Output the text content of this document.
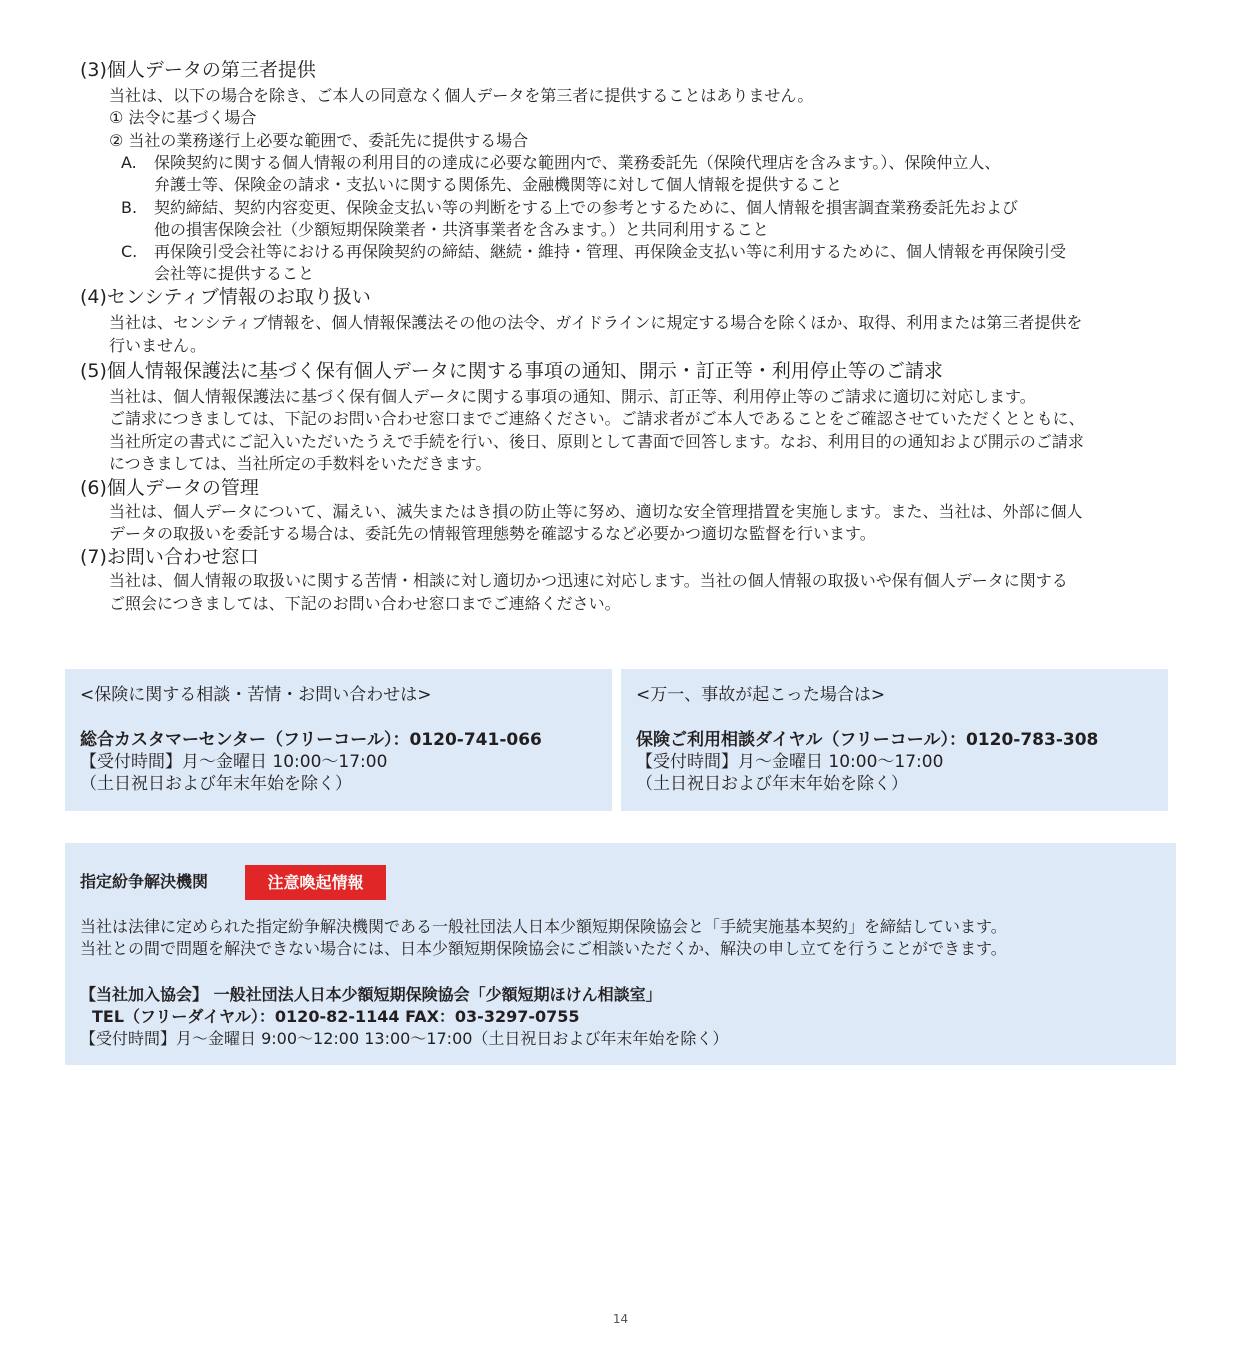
(3)個人データの第三者提供
当社は、以下の場合を除き、ご本人の同意なく個人データを第三者に提供することはありません。
① 法令に基づく場合
② 当社の業務遂行上必要な範囲で、委託先に提供する場合
A. 保険契約に関する個人情報の利用目的の達成に必要な範囲内で、業務委託先（保険代理店を含みます。）、保険仲立人、
弁護士等、保険金の請求・支払いに関する関係先、金融機関等に対して個人情報を提供すること
B. 契約締結、契約内容変更、保険金支払い等の判断をする上での参考とするために、個人情報を損害調査業務委託先および
他の損害保険会社（少額短期保険業者・共済事業者を含みます。）と共同利用すること
C. 再保険引受会社等における再保険契約の締結、継続・維持・管理、再保険金支払い等に利用するために、個人情報を再保険引受
会社等に提供すること
(4)センシティブ情報のお取り扱い
当社は、センシティブ情報を、個人情報保護法その他の法令、ガイドラインに規定する場合を除くほか、取得、利用または第三者提供を
行いません。
(5)個人情報保護法に基づく保有個人データに関する事項の通知、開示・訂正等・利用停止等のご請求
当社は、個人情報保護法に基づく保有個人データに関する事項の通知、開示、訂正等、利用停止等のご請求に適切に対応します。
ご請求につきましては、下記のお問い合わせ窓口までご連絡ください。ご請求者がご本人であることをご確認させていただくとともに、
当社所定の書式にご記入いただいたうえで手続を行い、後日、原則として書面で回答します。なお、利用目的の通知および開示のご請求
につきましては、当社所定の手数料をいただきます。
(6)個人データの管理
当社は、個人データについて、漏えい、滅失またはき損の防止等に努め、適切な安全管理措置を実施します。また、当社は、外部に個人
データの取扱いを委託する場合は、委託先の情報管理態勢を確認するなど必要かつ適切な監督を行います。
(7)お問い合わせ窓口
当社は、個人情報の取扱いに関する苦情・相談に対し適切かつ迅速に対応します。当社の個人情報の取扱いや保有個人データに関する
ご照会につきましては、下記のお問い合わせ窓口までご連絡ください。
<保険に関する相談・苦情・お問い合わせは>
総合カスタマーセンター（フリーコール）：0120-741-066
【受付時間】月～金曜日 10:00～17:00
（土日祝日および年末年始を除く）
<万一、事故が起こった場合は>
保険ご利用相談ダイヤル（フリーコール）：0120-783-308
【受付時間】月～金曜日 10:00～17:00
（土日祝日および年末年始を除く）
指定紛争解決機関	注意喚起情報
当社は法律に定められた指定紛争解決機関である一般社団法人日本少額短期保険協会と「手続実施基本契約」を締結しています。
当社との間で問題を解決できない場合には、日本少額短期保険協会にご相談いただくか、解決の申し立てを行うことができます。
【当社加入協会】 一般社団法人日本少額短期保険協会「少額短期ほけん相談室」
TEL（フリーダイヤル）：0120-82-1144 FAX：03-3297-0755
【受付時間】月～金曜日 9:00～12:00 13:00～17:00（土日祝日および年末年始を除く）
14
